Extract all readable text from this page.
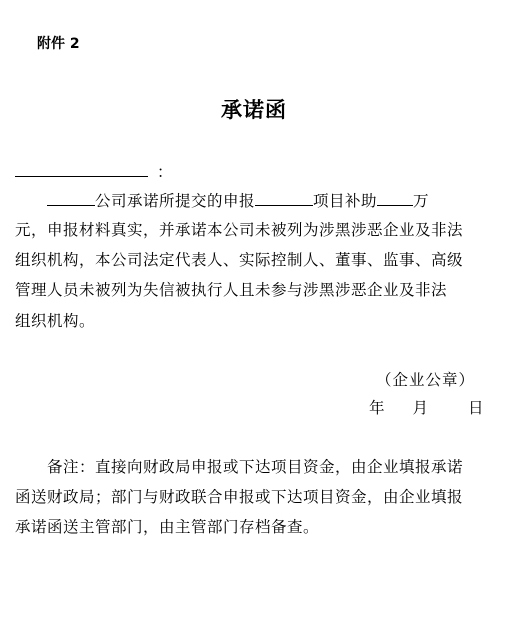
附件 2
承诺函
：
公司承诺所提交的申报	项目补助 万
元，申报材料真实，并承诺本公司未被列为涉黑涉恶企业及非法
组织机构，本公司法定代表人、实际控制人、董事、监事、高级
管理人员未被列为失信被执行人且未参与涉黑涉恶企业及非法
组织机构。
（企业公章）
年 月	日
备注：直接向财政局申报或下达项目资金，由企业填报承诺
函送财政局；部门与财政联合申报或下达项目资金，由企业填报
承诺函送主管部门，由主管部门存档备查。
